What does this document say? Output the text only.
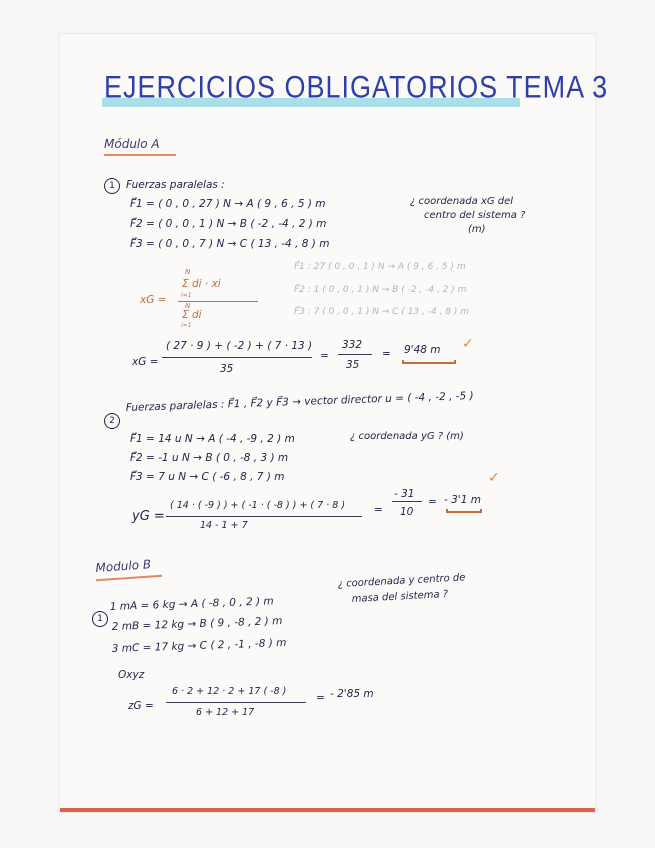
EJERCICIOS OBLIGATORIOS TEMA 3
Módulo A
1	Fuerzas paralelas :
F⃗1 = ( 0 , 0 , 27 ) N → A ( 9 , 6 , 5 ) m
F⃗2 = ( 0 , 0 , 1 ) N → B ( -2 , -4 , 2 ) m
F⃗3 = ( 0 , 0 , 7 ) N → C ( 13 , -4 , 8 ) m
¿ coordenada xG del
centro del sistema ?
(m)
xG =
N
Σ di · xi
i=1
N
Σ di
i=1
F⃗1 : 27 ( 0 , 0 , 1 ) N → A ( 9 , 6 , 5 ) m
F⃗2 : 1 ( 0 , 0 , 1 ) N → B ( -2 , -4 , 2 ) m
F⃗3 : 7 ( 0 , 0 , 1 ) N → C ( 13 , -4 , 8 ) m
xG =
( 27 · 9 ) + ( -2 ) + ( 7 · 13 )
35
=
332
35
= 9'48 m ✓
2
Fuerzas paralelas : F⃗1 , F⃗2 y F⃗3 → vector director u = ( -4 , -2 , -5 )
F⃗1 = 14 u N → A ( -4 , -9 , 2 ) m
F⃗2 = -1 u N → B ( 0 , -8 , 3 ) m
F⃗3 = 7 u N → C ( -6 , 8 , 7 ) m
¿ coordenada yG ? (m)
yG =
( 14 · ( -9 ) ) + ( -1 · ( -8 ) ) + ( 7 · 8 )
14 - 1 + 7
=
- 31
10
= - 3'1 m
✓
Modulo B
1
1 mA = 6 kg → A ( -8 , 0 , 2 ) m
2 mB = 12 kg → B ( 9 , -8 , 2 ) m
3 mC = 17 kg → C ( 2 , -1 , -8 ) m
Oxyz
¿ coordenada y centro de
masa del sistema ?
zG =
6 · 2 + 12 · 2 + 17 ( -8 )
6 + 12 + 17
= - 2'85 m
